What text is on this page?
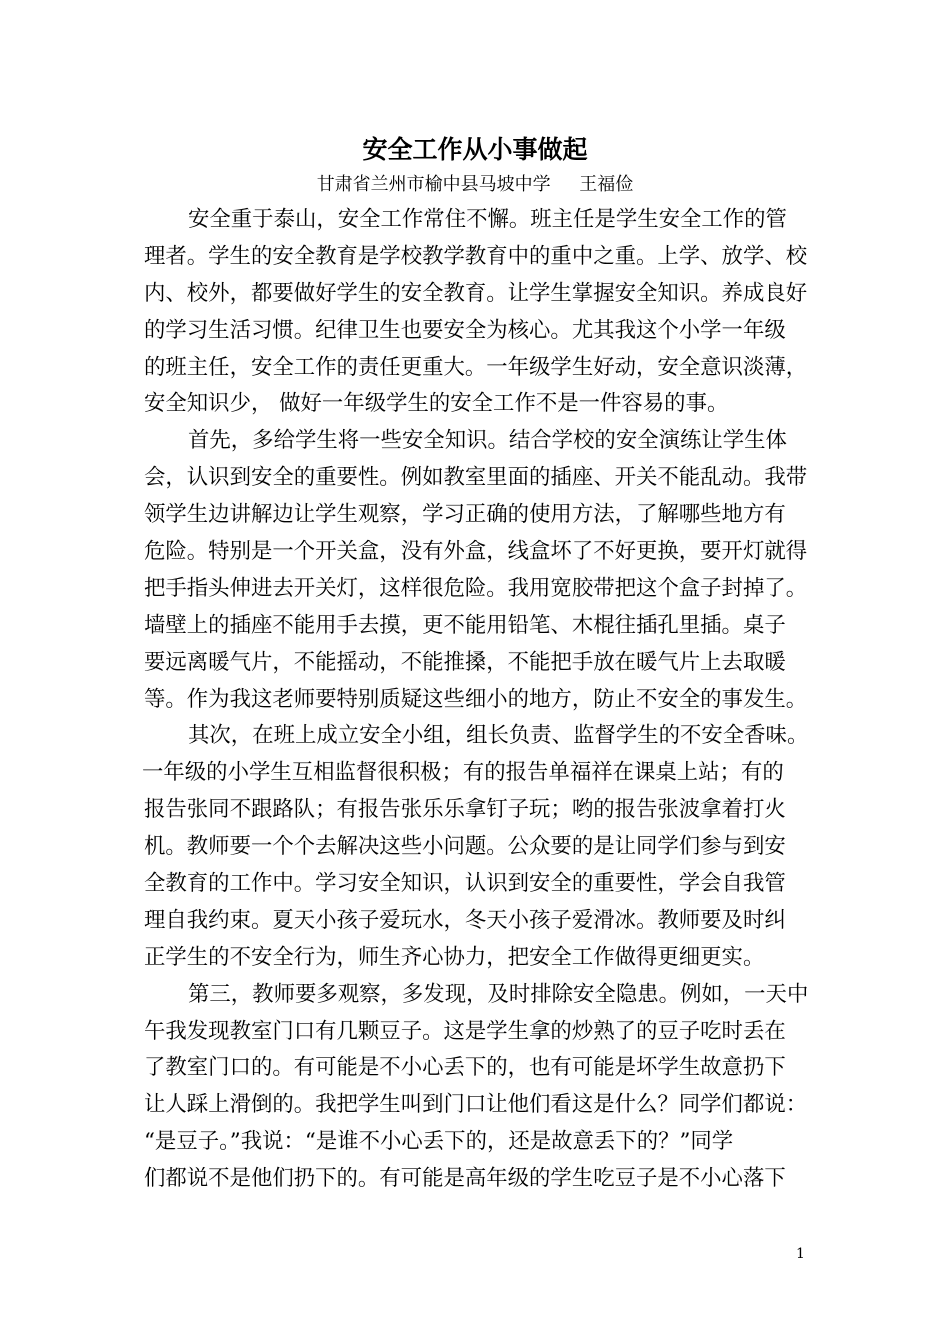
安全工作从小事做起
甘肃省兰州市榆中县马坡中学     王福俭
安全重于泰山，安全工作常住不懈。班主任是学生安全工作的管
理者。学生的安全教育是学校教学教育中的重中之重。上学、放学、校
内、校外，都要做好学生的安全教育。让学生掌握安全知识。养成良好
的学习生活习惯。纪律卫生也要安全为核心。尤其我这个小学一年级
的班主任，安全工作的责任更重大。一年级学生好动，安全意识淡薄，
安全知识少， 做好一年级学生的安全工作不是一件容易的事。
首先，多给学生将一些安全知识。结合学校的安全演练让学生体
会，认识到安全的重要性。例如教室里面的插座、开关不能乱动。我带
领学生边讲解边让学生观察，学习正确的使用方法，了解哪些地方有
危险。特别是一个开关盒，没有外盒，线盒坏了不好更换，要开灯就得
把手指头伸进去开关灯，这样很危险。我用宽胶带把这个盒子封掉了。
墙壁上的插座不能用手去摸，更不能用铅笔、木棍往插孔里插。桌子
要远离暖气片，不能摇动，不能推搡，不能把手放在暖气片上去取暖
等。作为我这老师要特别质疑这些细小的地方，防止不安全的事发生。
其次，在班上成立安全小组，组长负责、监督学生的不安全香味。
一年级的小学生互相监督很积极；有的报告单福祥在课桌上站；有的
报告张同不跟路队；有报告张乐乐拿钉子玩；哟的报告张波拿着打火
机。教师要一个个去解决这些小问题。公众要的是让同学们参与到安
全教育的工作中。学习安全知识，认识到安全的重要性，学会自我管
理自我约束。夏天小孩子爱玩水，冬天小孩子爱滑冰。教师要及时纠
正学生的不安全行为，师生齐心协力，把安全工作做得更细更实。
第三，教师要多观察，多发现，及时排除安全隐患。例如，一天中
午我发现教室门口有几颗豆子。这是学生拿的炒熟了的豆子吃时丢在
了教室门口的。有可能是不小心丢下的，也有可能是坏学生故意扔下
让人踩上滑倒的。我把学生叫到门口让他们看这是什么？同学们都说：
“是豆子。”我说：“是谁不小心丢下的，还是故意丢下的？”同学
们都说不是他们扔下的。有可能是高年级的学生吃豆子是不小心落下
1
